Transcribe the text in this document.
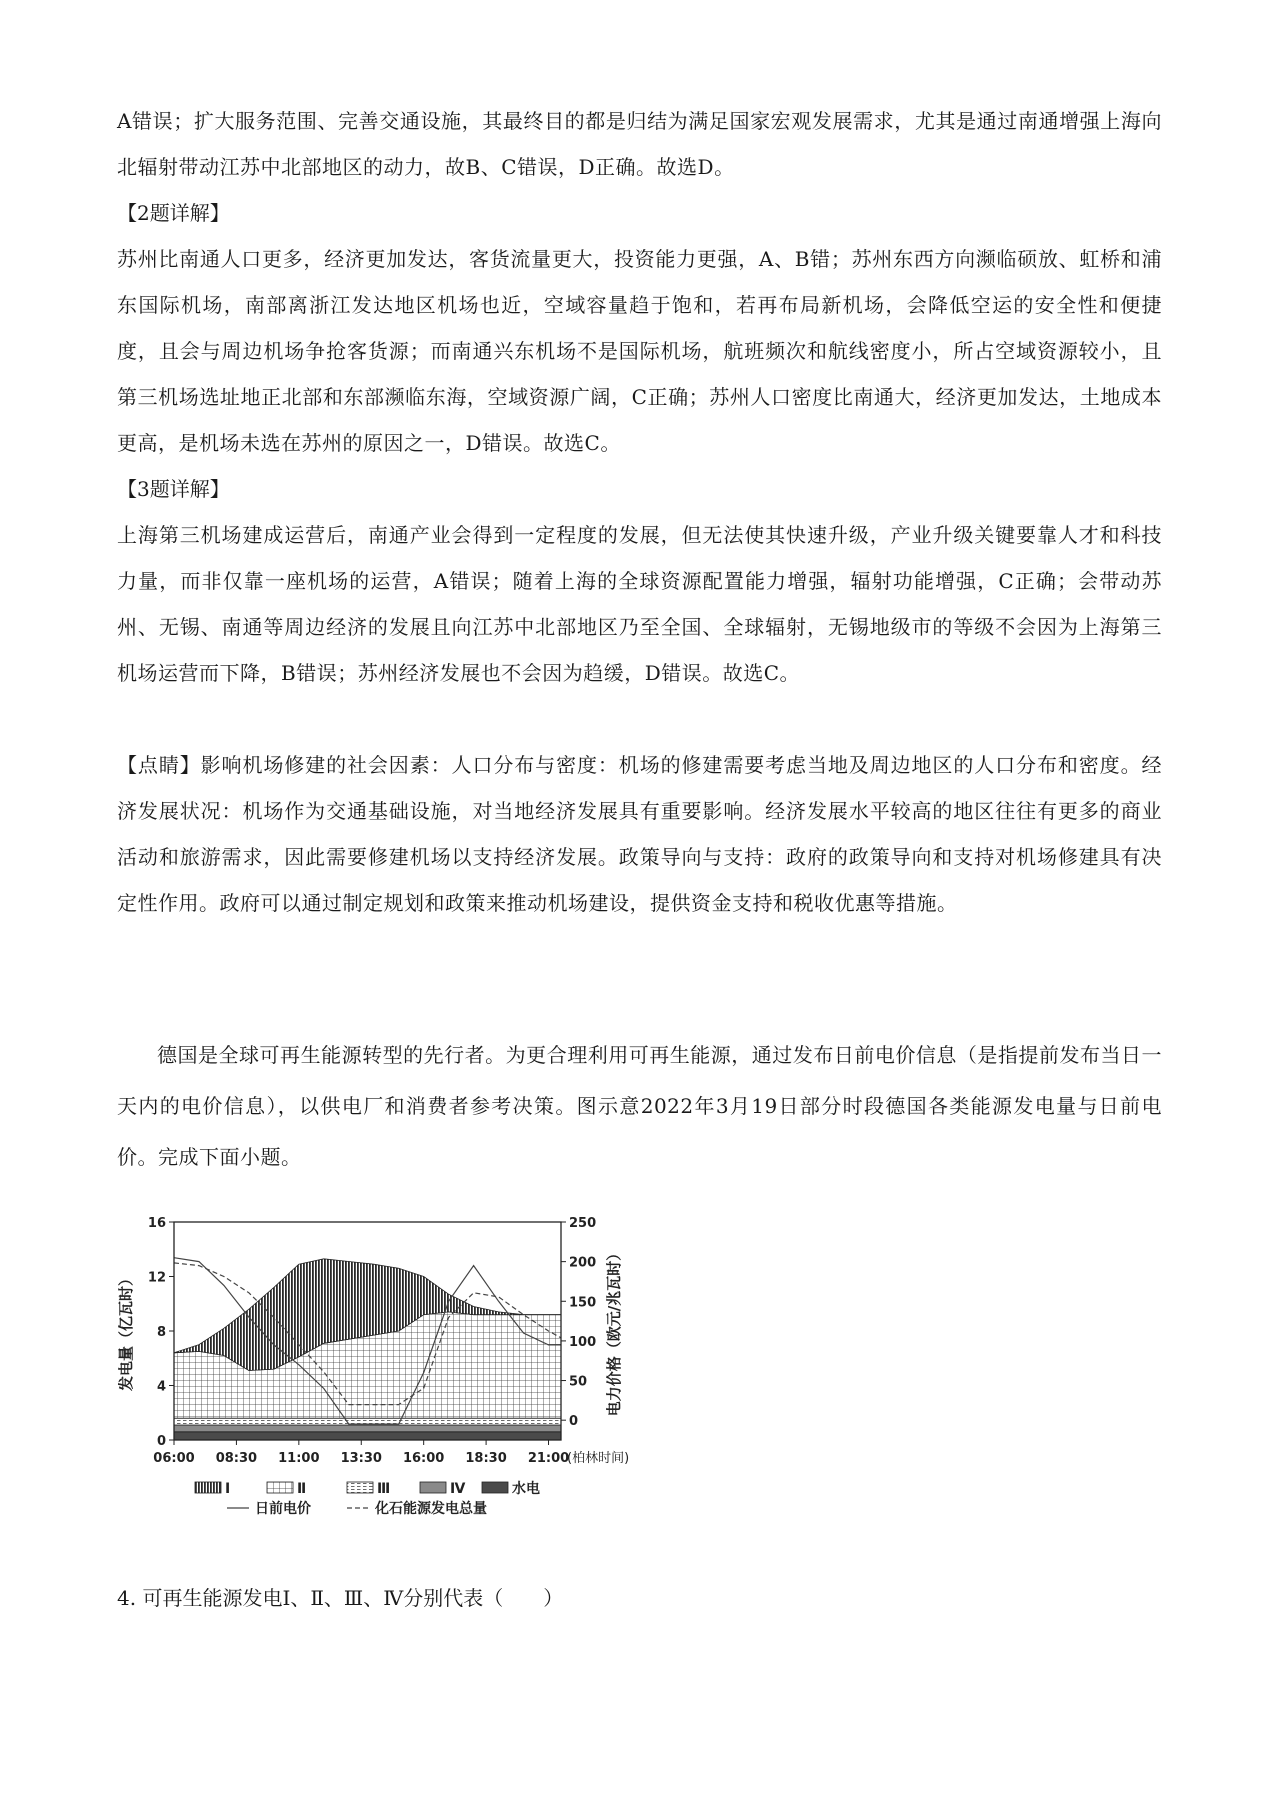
A错误；扩大服务范围、完善交通设施，其最终目的都是归结为满足国家宏观发展需求，尤其是通过南通增强上海向北辐射带动江苏中北部地区的动力，故B、C错误，D正确。故选D。

【2题详解】

苏州比南通人口更多，经济更加发达，客货流量更大，投资能力更强，A、B错；苏州东西方向濒临硕放、虹桥和浦东国际机场，南部离浙江发达地区机场也近，空域容量趋于饱和，若再布局新机场，会降低空运的安全性和便捷度，且会与周边机场争抢客货源；而南通兴东机场不是国际机场，航班频次和航线密度小，所占空域资源较小，且第三机场选址地正北部和东部濒临东海，空域资源广阔，C正确；苏州人口密度比南通大，经济更加发达，土地成本更高，是机场未选在苏州的原因之一，D错误。故选C。

【3题详解】

上海第三机场建成运营后，南通产业会得到一定程度的发展，但无法使其快速升级，产业升级关键要靠人才和科技力量，而非仅靠一座机场的运营，A错误；随着上海的全球资源配置能力增强，辐射功能增强，C正确；会带动苏州、无锡、南通等周边经济的发展且向江苏中北部地区乃至全国、全球辐射，无锡地级市的等级不会因为上海第三机场运营而下降，B错误；苏州经济发展也不会因为趋缓，D错误。故选C。

【点睛】影响机场修建的社会因素：人口分布与密度：机场的修建需要考虑当地及周边地区的人口分布和密度。经济发展状况：机场作为交通基础设施，对当地经济发展具有重要影响。经济发展水平较高的地区往往有更多的商业活动和旅游需求，因此需要修建机场以支持经济发展。政策导向与支持：政府的政策导向和支持对机场修建具有决定性作用。政府可以通过制定规划和政策来推动机场建设，提供资金支持和税收优惠等措施。

德国是全球可再生能源转型的先行者。为更合理利用可再生能源，通过发布日前电价信息（是指提前发布当日一天内的电价信息），以供电厂和消费者参考决策。图示意2022年3月19日部分时段德国各类能源发电量与日前电价。完成下面小题。

0
4
8
12
16
0
50
100
150
200
250
06:00 08:30 11:00 13:30 16:00 18:30 21:00
(柏林时间)
发电量（亿瓦时）	电力价格（欧元/兆瓦时）
Ⅰ	Ⅱ	Ⅲ	Ⅳ	水电
日前电价	化石能源发电总量

4. 可再生能源发电Ⅰ、Ⅱ、Ⅲ、Ⅳ分别代表（　　）
